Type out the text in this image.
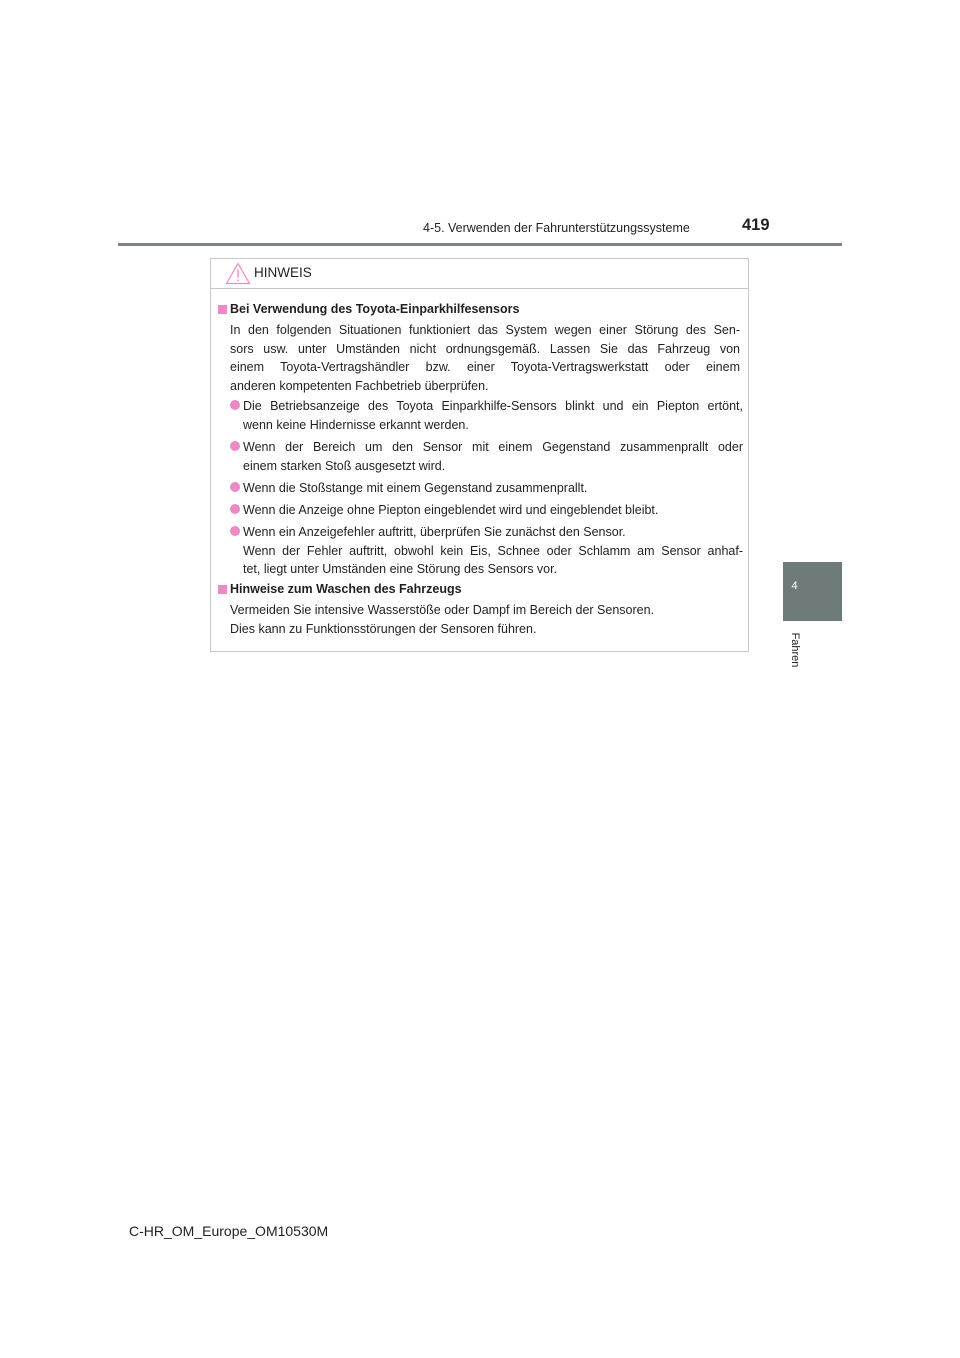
4-5. Verwenden der Fahrunterstützungssysteme	419
4
Fahren
HINWEIS
Bei Verwendung des Toyota-Einparkhilfesensors
In den folgenden Situationen funktioniert das System wegen einer Störung des Sen-
sors usw. unter Umständen nicht ordnungsgemäß. Lassen Sie das Fahrzeug von
einem Toyota-Vertragshändler bzw. einer Toyota-Vertragswerkstatt oder einem
anderen kompetenten Fachbetrieb überprüfen.
Die Betriebsanzeige des Toyota Einparkhilfe-Sensors blinkt und ein Piepton ertönt,
wenn keine Hindernisse erkannt werden.
Wenn der Bereich um den Sensor mit einem Gegenstand zusammenprallt oder
einem starken Stoß ausgesetzt wird.
Wenn die Stoßstange mit einem Gegenstand zusammenprallt.
Wenn die Anzeige ohne Piepton eingeblendet wird und eingeblendet bleibt.
Wenn ein Anzeigefehler auftritt, überprüfen Sie zunächst den Sensor.
Wenn der Fehler auftritt, obwohl kein Eis, Schnee oder Schlamm am Sensor anhaf-
tet, liegt unter Umständen eine Störung des Sensors vor.
Hinweise zum Waschen des Fahrzeugs
Vermeiden Sie intensive Wasserstöße oder Dampf im Bereich der Sensoren.
Dies kann zu Funktionsstörungen der Sensoren führen.
C-HR_OM_Europe_OM10530M
